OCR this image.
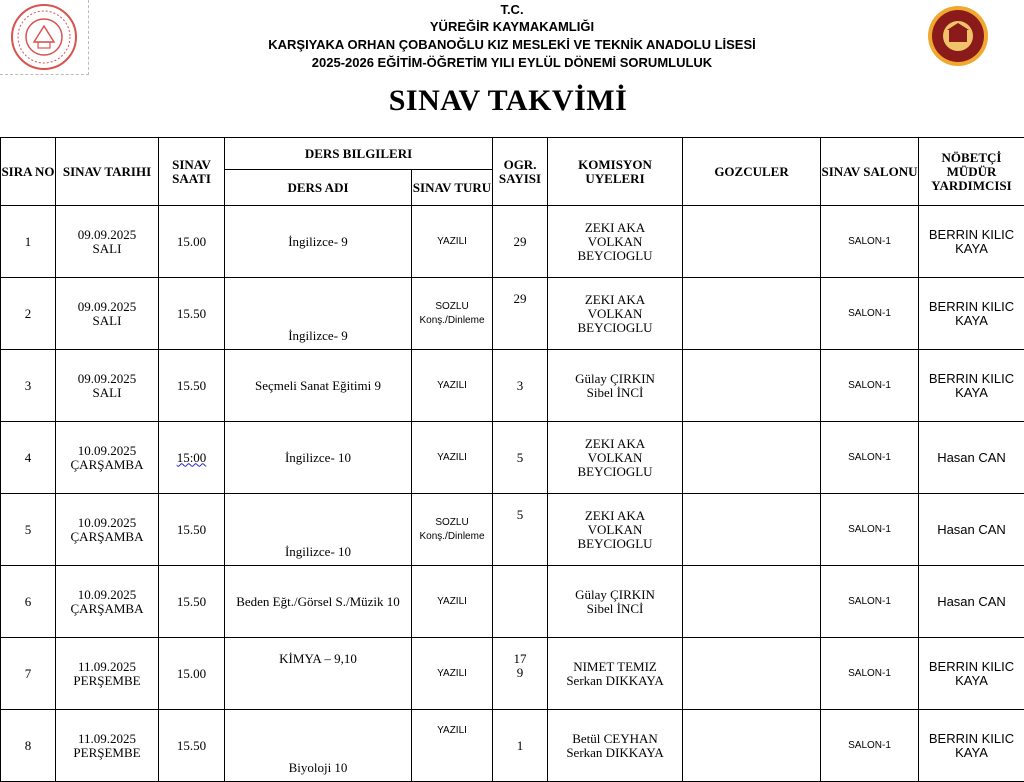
T.C.
YÜREĞİR KAYMAKAMLIĞI
KARŞIYAKA ORHAN ÇOBANOĞLU KIZ MESLEKİ VE TEKNİK ANADOLU LİSESİ
2025-2026 EĞİTİM-ÖĞRETİM YILI EYLÜL DÖNEMİ SORUMLULUK
SINAV TAKVİMİ
SIRA NO	SINAV TARIHI	SINAV SAATI	DERS BILGILERI		OGR. SAYISI	KOMISYON UYELERI	GOZCULER	SINAV SALONU	NÖBETÇİ MÜDÜR YARDIMCISI
			DERS ADI	SINAV TURU					
1	09.09.2025
SALI	15.00	İngilizce- 9	YAZILI	29	ZEKI AKA
VOLKAN
BEYCIOGLU		SALON-1	BERRIN KILIC
KAYA

2	09.09.2025
SALI	15.50	İngilizce- 9	SOZLU
Konş./Dinleme	29	ZEKI AKA
VOLKAN
BEYCIOGLU		SALON-1	BERRIN KILIC
KAYA

3	09.09.2025
SALI	15.50	Seçmeli Sanat Eğitimi 9	YAZILI	3	Gülay ÇIRKIN
Sibel İNCİ		SALON-1	BERRIN KILIC
KAYA

4	10.09.2025
ÇARŞAMBA	15:00	İngilizce- 10	YAZILI	5	ZEKI AKA
VOLKAN
BEYCIOGLU		SALON-1	Hasan CAN

5	10.09.2025
ÇARŞAMBA	15.50	İngilizce- 10	SOZLU
Konş./Dinleme	5	ZEKI AKA
VOLKAN
BEYCIOGLU		SALON-1	Hasan CAN

6	10.09.2025
ÇARŞAMBA	15.50	Beden Eğt./Görsel S./Müzik 10	YAZILI		Gülay ÇIRKIN
Sibel İNCİ		SALON-1	Hasan CAN

7	11.09.2025
PERŞEMBE	15.00	KİMYA – 9,10	YAZILI	17
9	NIMET TEMIZ
Serkan DIKKAYA		SALON-1	BERRIN KILIC
KAYA

8	11.09.2025
PERŞEMBE	15.50	Biyoloji 10	YAZILI	1	Betül CEYHAN
Serkan DIKKAYA		SALON-1	BERRIN KILIC
KAYA
